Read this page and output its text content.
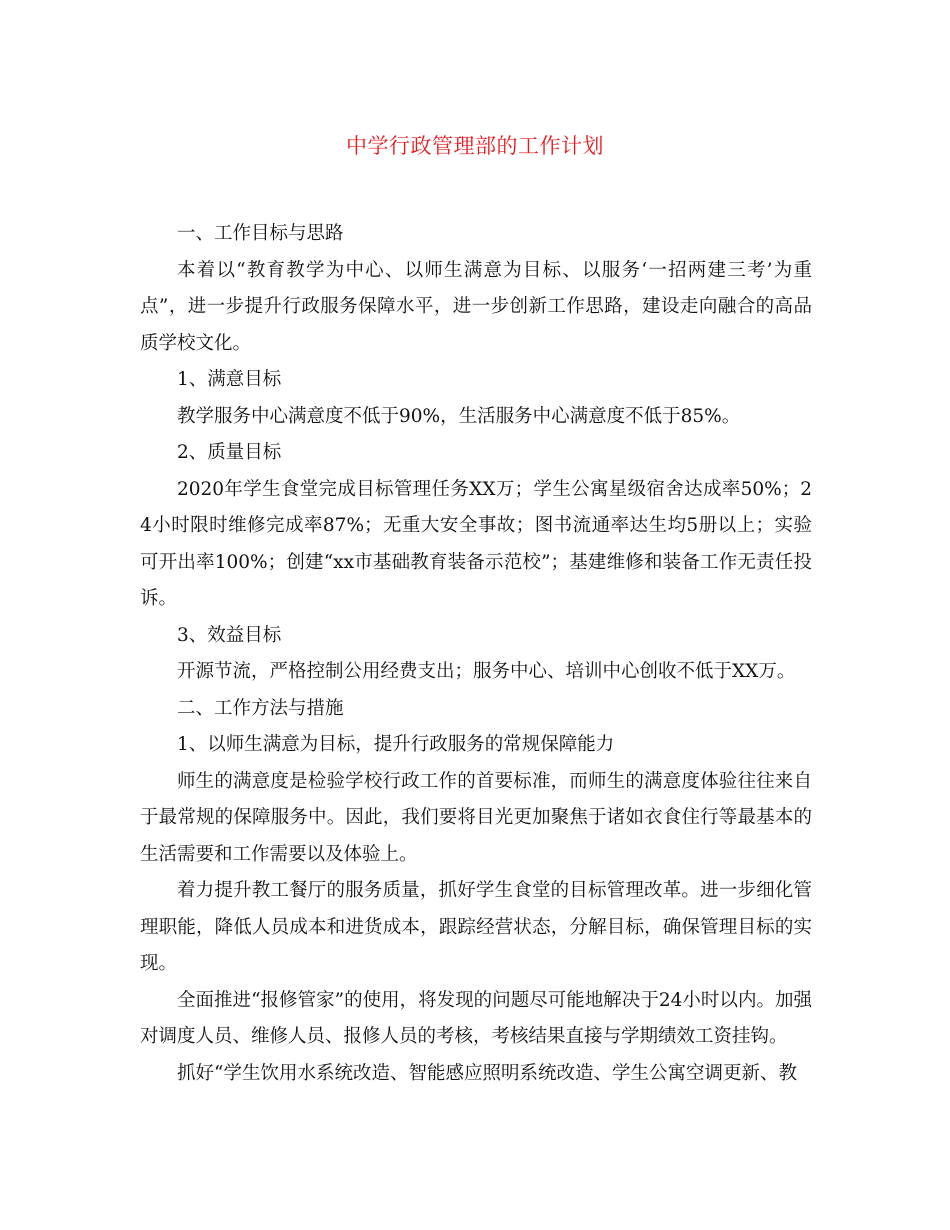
中学行政管理部的工作计划

一、工作目标与思路

本着以“教育教学为中心、以师生满意为目标、以服务‘一招两建三考’为重点”，进一步提升行政服务保障水平，进一步创新工作思路，建设走向融合的高品质学校文化。

1、满意目标

教学服务中心满意度不低于90%，生活服务中心满意度不低于85%。

2、质量目标

2020年学生食堂完成目标管理任务XX万；学生公寓星级宿舍达成率50%；24小时限时维修完成率87%；无重大安全事故；图书流通率达生均5册以上；实验可开出率100%；创建“xx市基础教育装备示范校”；基建维修和装备工作无责任投诉。

3、效益目标

开源节流，严格控制公用经费支出；服务中心、培训中心创收不低于XX万。

二、工作方法与措施

1、以师生满意为目标，提升行政服务的常规保障能力

师生的满意度是检验学校行政工作的首要标准，而师生的满意度体验往往来自于最常规的保障服务中。因此，我们要将目光更加聚焦于诸如衣食住行等最基本的生活需要和工作需要以及体验上。

着力提升教工餐厅的服务质量，抓好学生食堂的目标管理改革。进一步细化管理职能，降低人员成本和进货成本，跟踪经营状态，分解目标，确保管理目标的实现。

全面推进“报修管家”的使用，将发现的问题尽可能地解决于24小时以内。加强对调度人员、维修人员、报修人员的考核，考核结果直接与学期绩效工资挂钩。

抓好“学生饮用水系统改造、智能感应照明系统改造、学生公寓空调更新、教
